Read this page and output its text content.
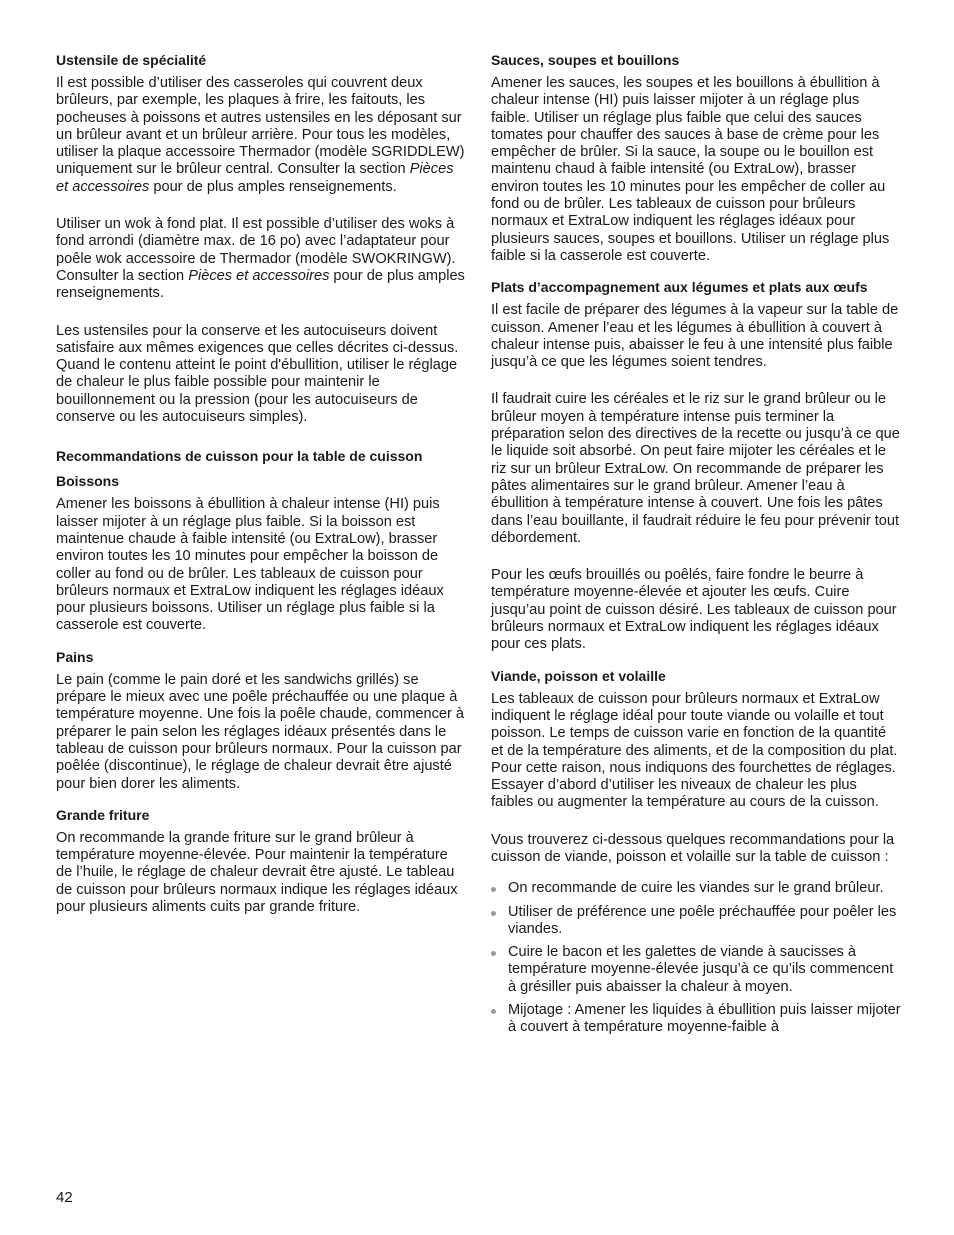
Ustensile de spécialité

Il est possible d’utiliser des casseroles qui couvrent deux brûleurs, par exemple, les plaques à frire, les faitouts, les pocheuses à poissons et autres ustensiles en les déposant sur un brûleur avant et un brûleur arrière. Pour tous les modèles, utiliser la plaque accessoire Thermador (modèle SGRIDDLEW) uniquement sur le brûleur central. Consulter la section Pièces et accessoires pour de plus amples renseignements.

Utiliser un wok à fond plat. Il est possible d’utiliser des woks à fond arrondi (diamètre max. de 16 po) avec l’adaptateur pour poêle wok accessoire de Thermador (modèle SWOKRINGW). Consulter la section Pièces et accessoires pour de plus amples renseignements.

Les ustensiles pour la conserve et les autocuiseurs doivent satisfaire aux mêmes exigences que celles décrites ci-dessus. Quand le contenu atteint le point d'ébullition, utiliser le réglage de chaleur le plus faible possible pour maintenir le bouillonnement ou la pression (pour les autocuiseurs de conserve ou les autocuiseurs simples).

Recommandations de cuisson pour la table de cuisson
Boissons

Amener les boissons à ébullition à chaleur intense (HI) puis laisser mijoter à un réglage plus faible. Si la boisson est maintenue chaude à faible intensité (ou ExtraLow), brasser environ toutes les 10 minutes pour empêcher la boisson de coller au fond ou de brûler. Les tableaux de cuisson pour brûleurs normaux et ExtraLow indiquent les réglages idéaux pour plusieurs boissons. Utiliser un réglage plus faible si la casserole est couverte.

Pains

Le pain (comme le pain doré et les sandwichs grillés) se prépare le mieux avec une poêle préchauffée ou une plaque à température moyenne. Une fois la poêle chaude, commencer à préparer le pain selon les réglages idéaux présentés dans le tableau de cuisson pour brûleurs normaux. Pour la cuisson par poêlée (discontinue), le réglage de chaleur devrait être ajusté pour bien dorer les aliments.

Grande friture

On recommande la grande friture sur le grand brûleur à température moyenne-élevée. Pour maintenir la température de l’huile, le réglage de chaleur devrait être ajusté. Le tableau de cuisson pour brûleurs normaux indique les réglages idéaux pour plusieurs aliments cuits par grande friture.

Sauces, soupes et bouillons

Amener les sauces, les soupes et les bouillons à ébullition à chaleur intense (HI) puis laisser mijoter à un réglage plus faible. Utiliser un réglage plus faible que celui des sauces tomates pour chauffer des sauces à base de crème pour les empêcher de brûler. Si la sauce, la soupe ou le bouillon est maintenu chaud à faible intensité (ou ExtraLow), brasser environ toutes les 10 minutes pour les empêcher de coller au fond ou de brûler. Les tableaux de cuisson pour brûleurs normaux et ExtraLow indiquent les réglages idéaux pour plusieurs sauces, soupes et bouillons. Utiliser un réglage plus faible si la casserole est couverte.

Plats d’accompagnement aux légumes et plats aux œufs

Il est facile de préparer des légumes à la vapeur sur la table de cuisson. Amener l’eau et les légumes à ébullition à couvert à chaleur intense puis, abaisser le feu à une intensité plus faible jusqu’à ce que les légumes soient tendres.

Il faudrait cuire les céréales et le riz sur le grand brûleur ou le brûleur moyen à température intense puis terminer la préparation selon des directives de la recette ou jusqu’à ce que le liquide soit absorbé. On peut faire mijoter les céréales et le riz sur un brûleur ExtraLow. On recommande de préparer les pâtes alimentaires sur le grand brûleur. Amener l’eau à ébullition à température intense à couvert. Une fois les pâtes dans l’eau bouillante, il faudrait réduire le feu pour prévenir tout débordement.

Pour les œufs brouillés ou poêlés, faire fondre le beurre à température moyenne-élevée et ajouter les œufs. Cuire jusqu’au point de cuisson désiré. Les tableaux de cuisson pour brûleurs normaux et ExtraLow indiquent les réglages idéaux pour ces plats.

Viande, poisson et volaille

Les tableaux de cuisson pour brûleurs normaux et ExtraLow indiquent le réglage idéal pour toute viande ou volaille et tout poisson. Le temps de cuisson varie en fonction de la quantité et de la température des aliments, et de la composition du plat. Pour cette raison, nous indiquons des fourchettes de réglages. Essayer d’abord d’utiliser les niveaux de chaleur les plus faibles ou augmenter la température au cours de la cuisson.

Vous trouverez ci-dessous quelques recommandations pour la cuisson de viande, poisson et volaille sur la table de cuisson :

On recommande de cuire les viandes sur le grand brûleur.
Utiliser de préférence une poêle préchauffée pour poêler les viandes.
Cuire le bacon et les galettes de viande à saucisses à température moyenne-élevée jusqu’à ce qu’ils commencent à grésiller puis abaisser la chaleur à moyen.
Mijotage : Amener les liquides à ébullition puis laisser mijoter à couvert à température moyenne-faible à
42
